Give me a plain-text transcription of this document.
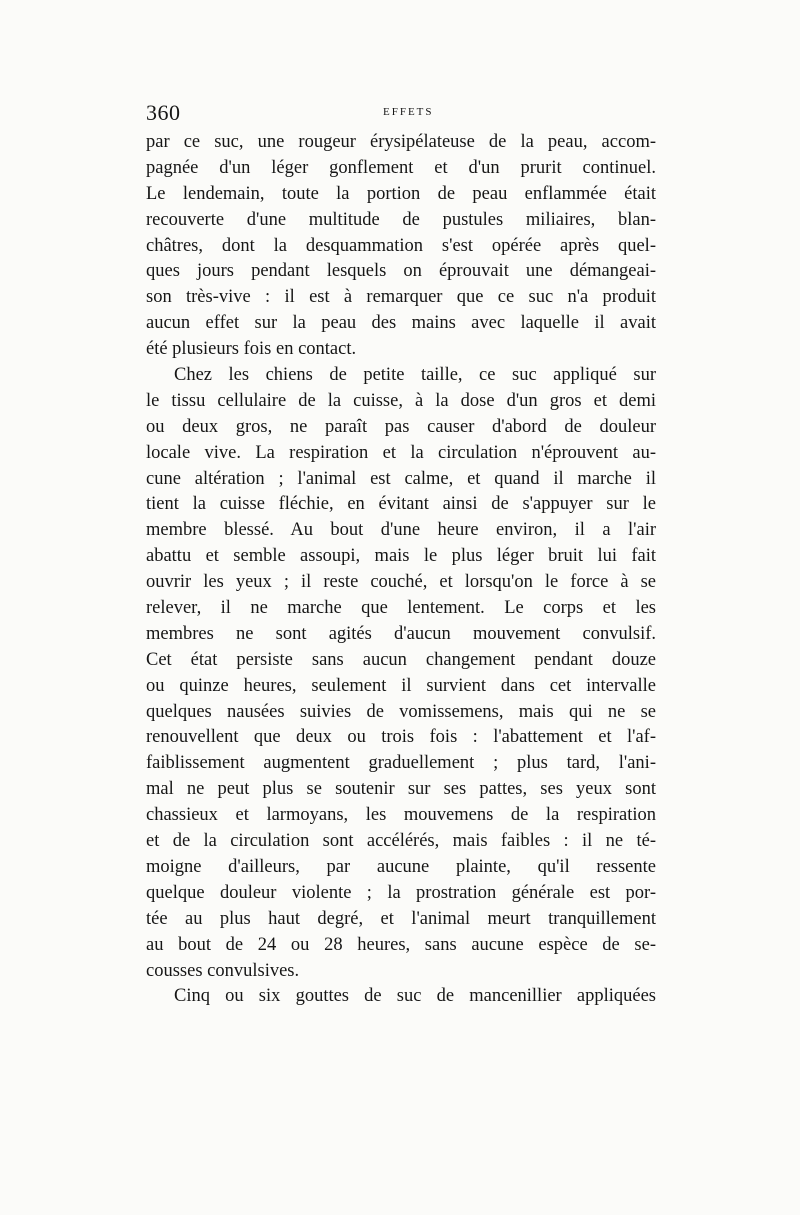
360	EFFETS
par ce suc, une rougeur érysipélateuse de la peau, accom-
pagnée d'un léger gonflement et d'un prurit continuel.
Le lendemain, toute la portion de peau enflammée était
recouverte d'une multitude de pustules miliaires, blan-
châtres, dont la desquammation s'est opérée après quel-
ques jours pendant lesquels on éprouvait une démangeai-
son très-vive : il est à remarquer que ce suc n'a produit
aucun effet sur la peau des mains avec laquelle il avait
été plusieurs fois en contact.
Chez les chiens de petite taille, ce suc appliqué sur
le tissu cellulaire de la cuisse, à la dose d'un gros et demi
ou deux gros, ne paraît pas causer d'abord de douleur
locale vive. La respiration et la circulation n'éprouvent au-
cune altération ; l'animal est calme, et quand il marche il
tient la cuisse fléchie, en évitant ainsi de s'appuyer sur le
membre blessé. Au bout d'une heure environ, il a l'air
abattu et semble assoupi, mais le plus léger bruit lui fait
ouvrir les yeux ; il reste couché, et lorsqu'on le force à se
relever, il ne marche que lentement. Le corps et les
membres ne sont agités d'aucun mouvement convulsif.
Cet état persiste sans aucun changement pendant douze
ou quinze heures, seulement il survient dans cet intervalle
quelques nausées suivies de vomissemens, mais qui ne se
renouvellent que deux ou trois fois : l'abattement et l'af-
faiblissement augmentent graduellement ; plus tard, l'ani-
mal ne peut plus se soutenir sur ses pattes, ses yeux sont
chassieux et larmoyans, les mouvemens de la respiration
et de la circulation sont accélérés, mais faibles : il ne té-
moigne d'ailleurs, par aucune plainte, qu'il ressente
quelque douleur violente ; la prostration générale est por-
tée au plus haut degré, et l'animal meurt tranquillement
au bout de 24 ou 28 heures, sans aucune espèce de se-
cousses convulsives.
Cinq ou six gouttes de suc de mancenillier appliquées
